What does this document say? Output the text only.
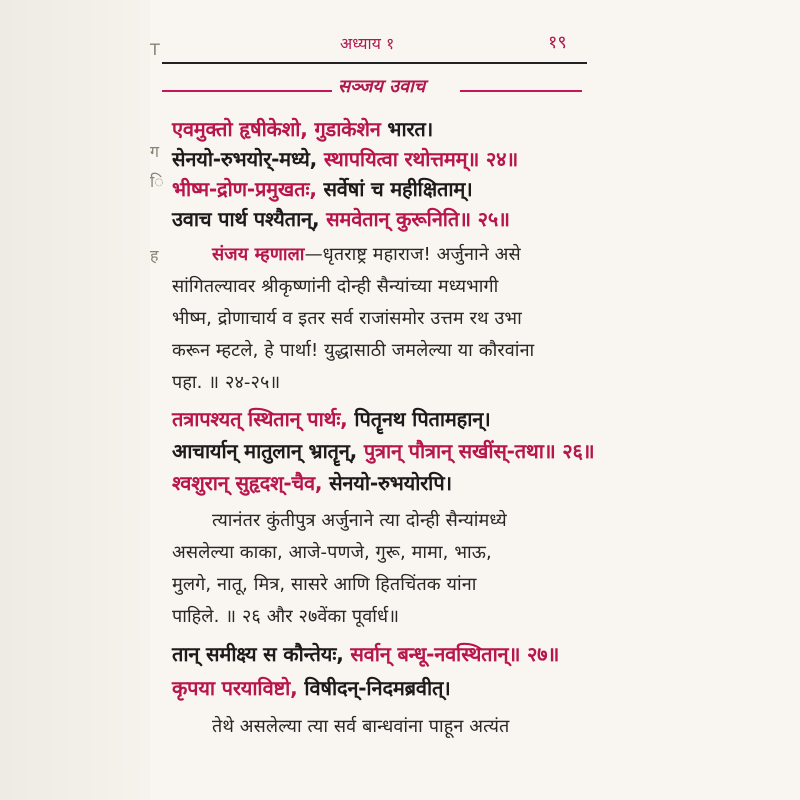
T
ग
ि
ह
अध्याय १	१९
सञ्जय उवाच
एवमुक्तो हृषीकेशो, गुडाकेशेन भारत।
सेनयो-रुभयोर्-मध्ये, स्थापयित्वा रथोत्तमम्॥ २४॥
भीष्म-द्रोण-प्रमुखतः, सर्वेषां च महीक्षिताम्।
उवाच पार्थ पश्यैतान्, समवेतान् कुरूनिति॥ २५॥
संजय म्हणाला—धृतराष्ट्र महाराज! अर्जुनाने असे
सांगितल्यावर श्रीकृष्णांनी दोन्ही सैन्यांच्या मध्यभागी
भीष्म, द्रोणाचार्य व इतर सर्व राजांसमोर उत्तम रथ उभा
करून म्हटले, हे पार्था! युद्धासाठी जमलेल्या या कौरवांना
पहा. ॥ २४-२५॥
तत्रापश्यत् स्थितान् पार्थः, पितॄनथ पितामहान्।
आचार्यान् मातुलान् भ्रातॄन्, पुत्रान् पौत्रान् सखींस्-तथा॥ २६॥
श्वशुरान् सुहृदश्-चैव, सेनयो-रुभयोरपि।
त्यानंतर कुंतीपुत्र अर्जुनाने त्या दोन्ही सैन्यांमध्ये
असलेल्या काका, आजे-पणजे, गुरू, मामा, भाऊ,
मुलगे, नातू, मित्र, सासरे आणि हितचिंतक यांना
पाहिले. ॥ २६ और २७वेंका पूर्वार्ध॥
तान् समीक्ष्य स कौन्तेयः, सर्वान् बन्धू-नवस्थितान्॥ २७॥
कृपया परयाविष्टो, विषीदन्-निदमब्रवीत्।
तेथे असलेल्या त्या सर्व बान्धवांना पाहून अत्यंत
